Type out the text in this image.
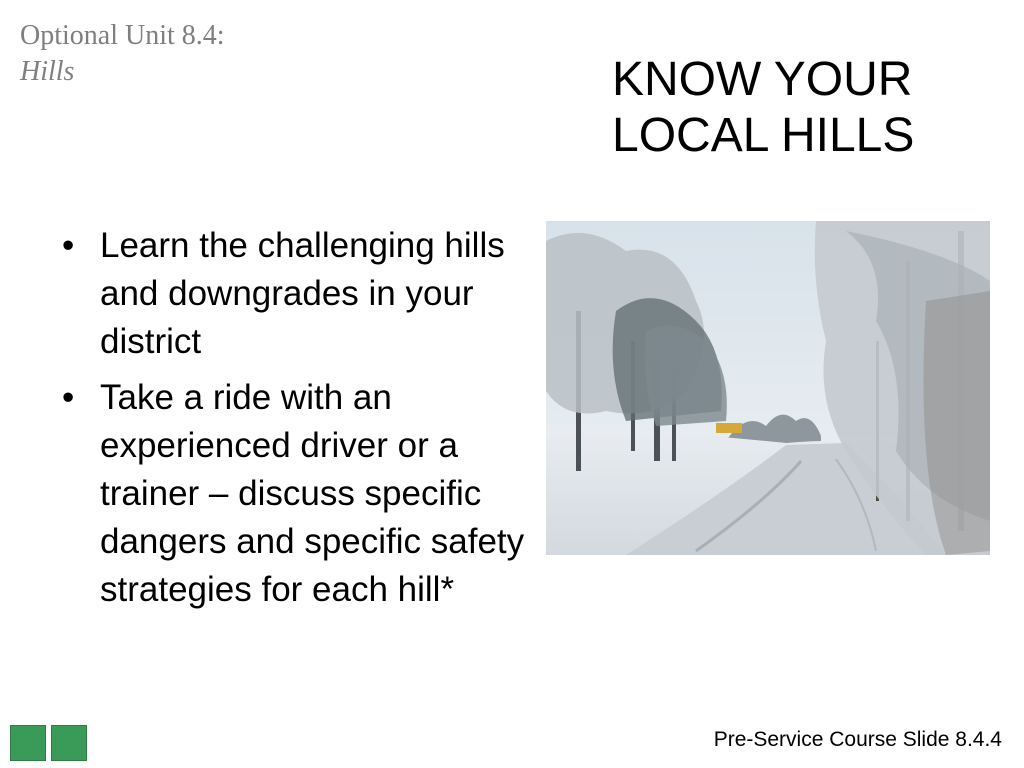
Optional Unit 8.4:
Hills	KNOW YOUR
LOCAL HILLS
• Learn the challenging hills and downgrades in your district
• Take a ride with an experienced driver or a trainer – discuss specific dangers and specific safety strategies for each hill*
Pre-Service Course Slide 8.4.4
